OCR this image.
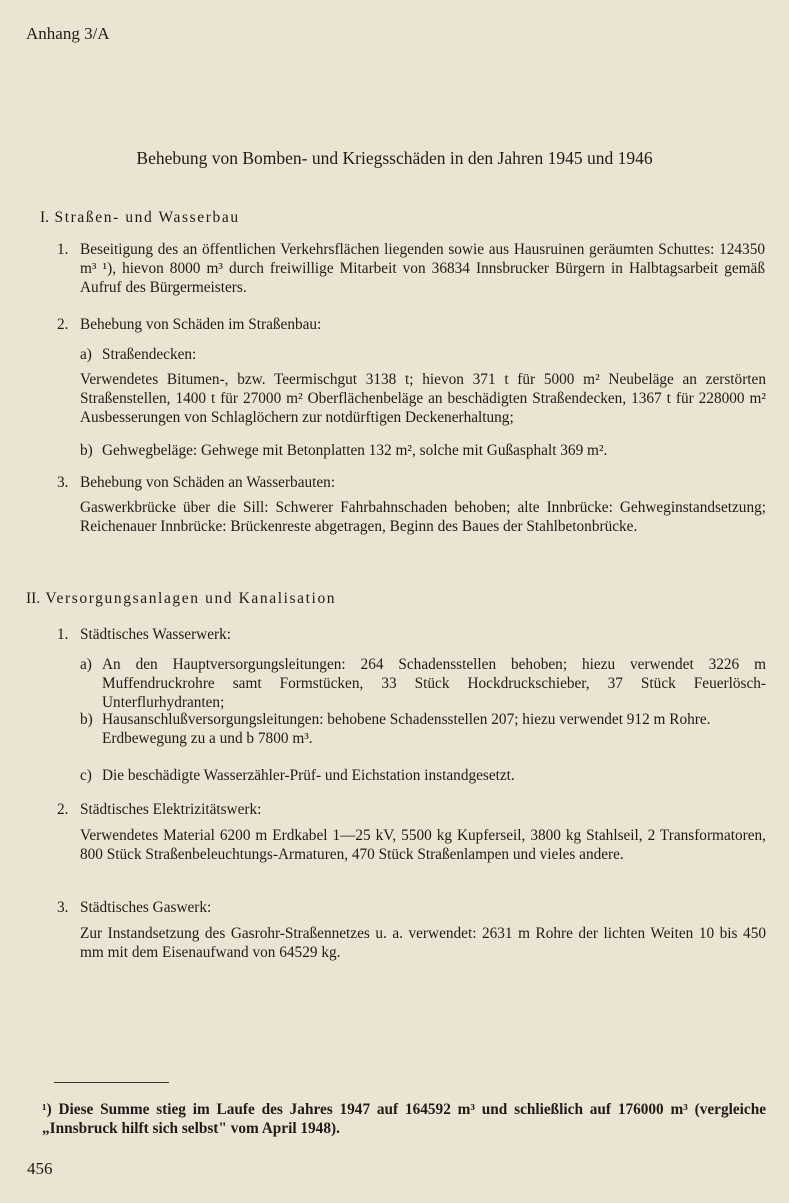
Anhang 3/A
Behebung von Bomben- und Kriegsschäden in den Jahren 1945 und 1946
I. Straßen- und Wasserbau
1. Beseitigung des an öffentlichen Verkehrsflächen liegenden sowie aus Hausruinen geräumten Schuttes: 124350 m³ ¹), hievon 8000 m³ durch freiwillige Mitarbeit von 36834 Innsbrucker Bürgern in Halbtagsarbeit gemäß Aufruf des Bürgermeisters.
2. Behebung von Schäden im Straßenbau:
a) Straßendecken:
Verwendetes Bitumen-, bzw. Teermischgut 3138 t; hievon 371 t für 5000 m² Neubeläge an zerstörten Straßenstellen, 1400 t für 27000 m² Oberflächenbeläge an beschädigten Straßendecken, 1367 t für 228000 m² Ausbesserungen von Schlaglöchern zur notdürftigen Deckenerhaltung;
b) Gehwegbeläge: Gehwege mit Betonplatten 132 m², solche mit Gußasphalt 369 m².
3. Behebung von Schäden an Wasserbauten:
Gaswerkbrücke über die Sill: Schwerer Fahrbahnschaden behoben; alte Innbrücke: Gehweginstandsetzung; Reichenauer Innbrücke: Brückenreste abgetragen, Beginn des Baues der Stahlbetonbrücke.
II. Versorgungsanlagen und Kanalisation
1. Städtisches Wasserwerk:
a) An den Hauptversorgungsleitungen: 264 Schadensstellen behoben; hiezu verwendet 3226 m Muffendruckrohre samt Formstücken, 33 Stück Hockdruckschieber, 37 Stück Feuerlösch-Unterflurhydranten;
b) Hausanschlußversorgungsleitungen: behobene Schadensstellen 207; hiezu verwendet 912 m Rohre.
Erdbewegung zu a und b 7800 m³.
c) Die beschädigte Wasserzähler-Prüf- und Eichstation instandgesetzt.
2. Städtisches Elektrizitätswerk:
Verwendetes Material 6200 m Erdkabel 1—25 kV, 5500 kg Kupferseil, 3800 kg Stahlseil, 2 Transformatoren, 800 Stück Straßenbeleuchtungs-Armaturen, 470 Stück Straßenlampen und vieles andere.
3. Städtisches Gaswerk:
Zur Instandsetzung des Gasrohr-Straßennetzes u. a. verwendet: 2631 m Rohre der lichten Weiten 10 bis 450 mm mit dem Eisenaufwand von 64529 kg.
¹) Diese Summe stieg im Laufe des Jahres 1947 auf 164592 m³ und schließlich auf 176000 m³ (vergleiche „Innsbruck hilft sich selbst" vom April 1948).
456
